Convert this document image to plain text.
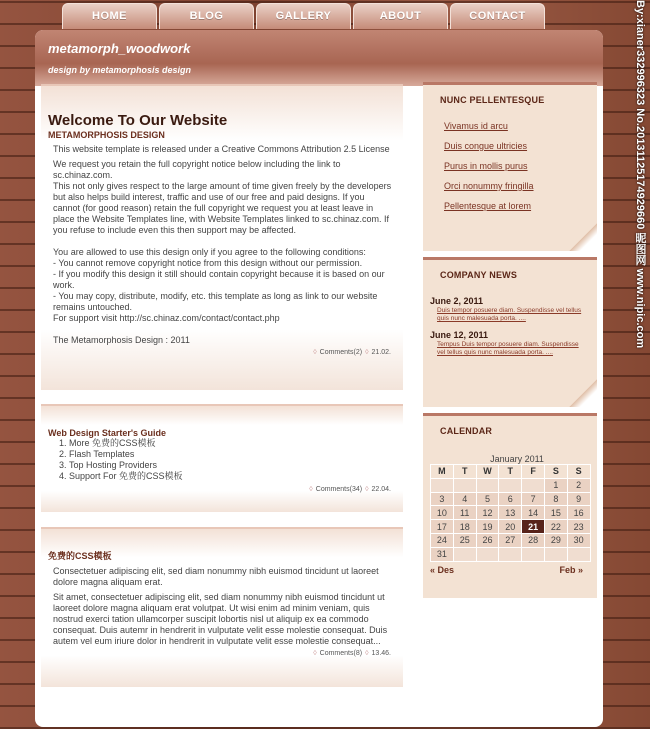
HOME	BLOG	GALLERY	ABOUT	CONTACT
metamorph_woodwork
design by metamorphosis design
Welcome To Our Website
METAMORPHOSIS DESIGN

This website template is released under a Creative Commons Attribution 2.5 License

We request you retain the full copyright notice below including the link to sc.chinaz.com.

This not only gives respect to the large amount of time given freely by the developers but also helps build interest, traffic and use of our free and paid designs. If you cannot (for good reason) retain the full copyright we request you at least leave in place the Website Templates line, with Website Templates linked to sc.chinaz.com. If you refuse to include even this then support may be affected.

You are allowed to use this design only if you agree to the following conditions:

- You cannot remove copyright notice from this design without our permission.

- If you modify this design it still should contain copyright because it is based on our work.

- You may copy, distribute, modify, etc. this template as long as link to our website remains untouched.

For support visit http://sc.chinaz.com/contact/contact.php

The Metamorphosis Design : 2011

◊ Comments(2) ◊ 21.02.
Web Design Starter's Guide
1. More 免费的CSS模板
2. Flash Templates
3. Top Hosting Providers
4. Support For 免费的CSS模板
◊ Comments(34) ◊ 22.04.
免费的CSS模板

Consectetuer adipiscing elit, sed diam nonummy nibh euismod tincidunt ut laoreet dolore magna aliquam erat.

Sit amet, consectetuer adipiscing elit, sed diam nonummy nibh euismod tincidunt ut laoreet dolore magna aliquam erat volutpat. Ut wisi enim ad minim veniam, quis nostrud exerci tation ullamcorper suscipit lobortis nisl ut aliquip ex ea commodo consequat. Duis autemr in hendrerit in vulputate velit esse molestie consequat. Duis autem vel eum iriure dolor in hendrerit in vulputate velit esse molestie consequat...

◊ Comments(8) ◊ 13.46.
NUNC PELLENTESQUE
Vivamus id arcu
Duis congue ultricies
Purus in mollis purus
Orci nonummy fringilla
Pellentesque at lorem
COMPANY NEWS
June 2, 2011
Duis tempor posuere diam. Suspendisse vel tellus quis nunc malesuada porta. ....
June 12, 2011
Tempus Duis tempor posuere diam. Suspendisse vel tellus quis nunc malesuada porta. ....
CALENDAR
January 2011
M	T	W	T	F	S	S
					1	2
3	4	5	6	7	8	9
10	11	12	13	14	15	16
17	18	19	20	21	22	23
24	25	26	27	28	29	30
31						
« Des	Feb »
By:xianer332996323 No.20131125174929660 昵图网 www.nipic.com
